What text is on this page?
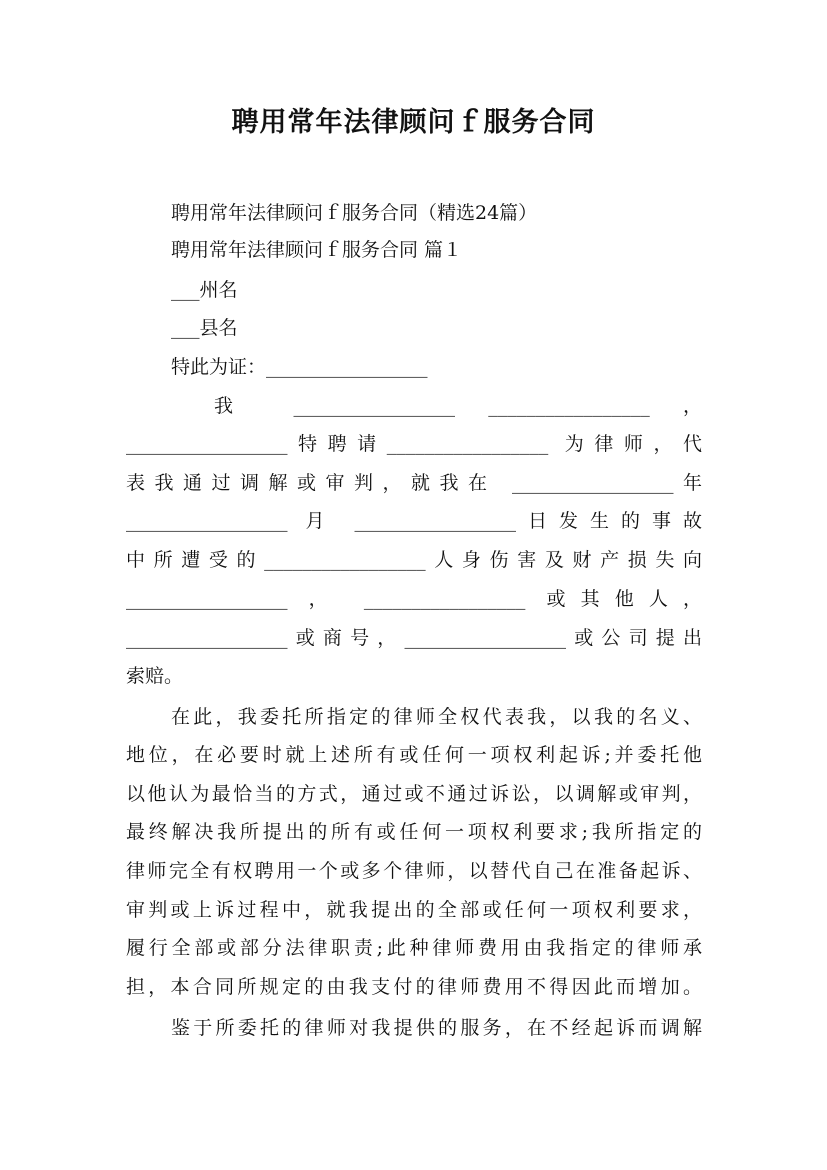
聘用常年法律顾问ｆ服务合同
聘用常年法律顾问ｆ服务合同（精选24篇）
聘用常年法律顾问ｆ服务合同 篇１
___州名
___县名
特此为证：_________________
我 _________________ _________________ ，
_________________特聘请_________________ 为律师，代
表我通过调解或审判，就我在 _________________年
_________________ 月 _________________日发生的事故
中所遭受的_________________人身伤害及财产损失向
_________________ ， _________________ 或其他人，
_________________或商号，_________________或公司提出
索赔。
在此，我委托所指定的律师全权代表我，以我的名义、
地位，在必要时就上述所有或任何一项权利起诉;并委托他
以他认为最恰当的方式，通过或不通过诉讼，以调解或审判，
最终解决我所提出的所有或任何一项权利要求;我所指定的
律师完全有权聘用一个或多个律师，以替代自己在准备起诉、
审判或上诉过程中，就我提出的全部或任何一项权利要求，
履行全部或部分法律职责;此种律师费用由我指定的律师承
担，本合同所规定的由我支付的律师费用不得因此而增加。
鉴于所委托的律师对我提供的服务，在不经起诉而调解
